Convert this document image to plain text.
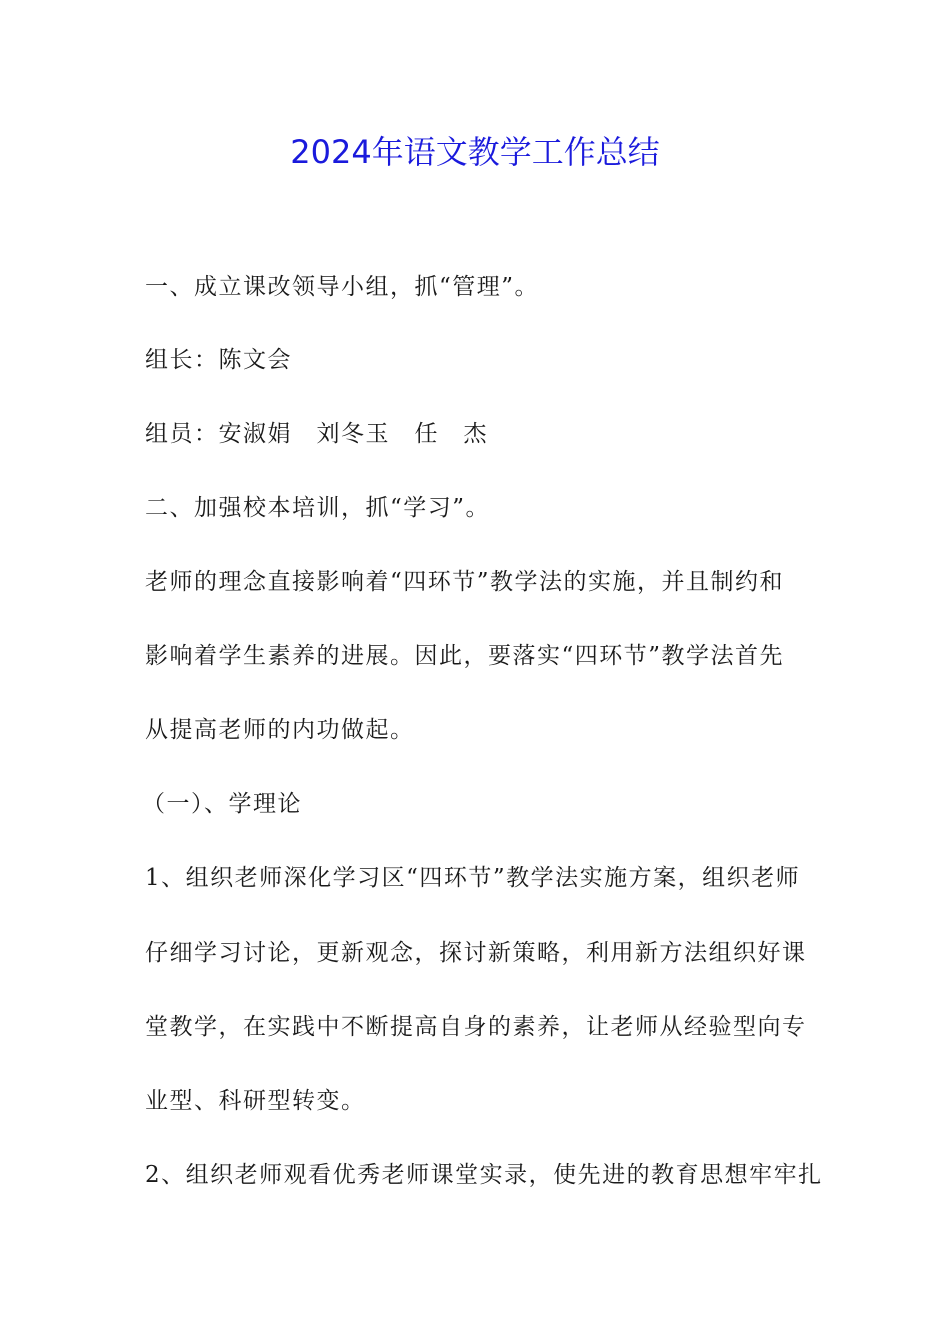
2024年语文教学工作总结
一、成立课改领导小组，抓“管理”。
组长：陈文会
组员：安淑娟　刘冬玉　任　杰
二、加强校本培训，抓“学习”。
老师的理念直接影响着“四环节”教学法的实施，并且制约和
影响着学生素养的进展。因此，要落实“四环节”教学法首先
从提高老师的内功做起。
（一）、学理论
1、组织老师深化学习区“四环节”教学法实施方案，组织老师
仔细学习讨论，更新观念，探讨新策略，利用新方法组织好课
堂教学，在实践中不断提高自身的素养，让老师从经验型向专
业型、科研型转变。
2、组织老师观看优秀老师课堂实录，使先进的教育思想牢牢扎
